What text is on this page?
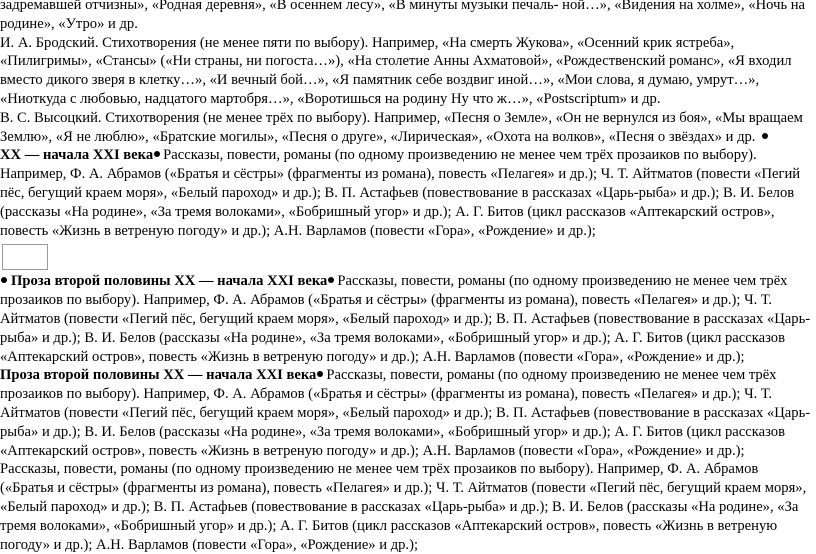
задремавшей отчизны», «Родная деревня», «В осеннем лесу», «В минуты музыки печаль- ной…», «Видения на холме», «Ночь на родине», «Утро» и др.

И. А. Бродский. Стихотворения (не менее пяти по выбору). Например, «На смерть Жукова», «Осенний крик ястреба», «Пилигримы», «Стансы» («Ни страны, ни погоста…»), «На столетие Анны Ахматовой», «Рождественский романс», «Я входил вместо дикого зверя в клетку…», «И вечный бой…», «Я памятник себе воздвиг иной…», «Мои слова, я думаю, умрут…», «Ниоткуда с любовью, надцатого мартобря…», «Воротишься на родину Ну что ж…», «Postscriptum» и др.

В. С. Высоцкий. Стихотворения (не менее трёх по выбору). Например, «Песня о Земле», «Он не вернулся из боя», «Мы вращаем Землю», «Я не люблю», «Братские могилы», «Песня о друге», «Лирическая», «Охота на волков», «Песня о звёздах» и др.

XX — начала XXI века Рассказы, повести, романы (по одному произведению не менее чем трёх прозаиков по выбору). Например, Ф. А. Абрамов («Братья и сёстры» (фрагменты из романа), повесть «Пелагея» и др.); Ч. Т. Айтматов (повести «Пегий пёс, бегущий краем моря», «Белый пароход» и др.); В. П. Астафьев (повествование в рассказах «Царь-рыба» и др.); В. И. Белов (рассказы «На родине», «За тремя волоками», «Бобришный угор» и др.); А. Г. Битов (цикл рассказов «Аптекарский остров», повесть «Жизнь в ветреную погоду» и др.); А.Н. Варламов (повести «Гора», «Рождение» и др.);

Проза второй половины XX — начала XXI века Рассказы, повести, романы (по одному произведению не менее чем трёх прозаиков по выбору). Например, Ф. А. Абрамов («Братья и сёстры» (фрагменты из романа), повесть «Пелагея» и др.); Ч. Т. Айтматов (повести «Пегий пёс, бегущий краем моря», «Белый пароход» и др.); В. П. Астафьев (повествование в рассказах «Царь-рыба» и др.); В. И. Белов (рассказы «На родине», «За тремя волоками», «Бобришный угор» и др.); А. Г. Битов (цикл рассказов «Аптекарский остров», повесть «Жизнь в ветреную погоду» и др.); А.Н. Варламов (повести «Гора», «Рождение» и др.);

Проза второй половины XX — начала XXI века Рассказы, повести, романы (по одному произведению не менее чем трёх прозаиков по выбору). Например, Ф. А. Абрамов («Братья и сёстры» (фрагменты из романа), повесть «Пелагея» и др.); Ч. Т. Айтматов (повести «Пегий пёс, бегущий краем моря», «Белый пароход» и др.); В. П. Астафьев (повествование в рассказах «Царь-рыба» и др.); В. И. Белов (рассказы «На родине», «За тремя волоками», «Бобришный угор» и др.); А. Г. Битов (цикл рассказов «Аптекарский остров», повесть «Жизнь в ветреную погоду» и др.); А.Н. Варламов (повести «Гора», «Рождение» и др.);

Рассказы, повести, романы (по одному произведению не менее чем трёх прозаиков по выбору). Например, Ф. А. Абрамов («Братья и сёстры» (фрагменты из романа), повесть «Пелагея» и др.); Ч. Т. Айтматов (повести «Пегий пёс, бегущий краем моря», «Белый пароход» и др.); В. П. Астафьев (повествование в рассказах «Царь-рыба» и др.); В. И. Белов (рассказы «На родине», «За тремя волоками», «Бобришный угор» и др.); А. Г. Битов (цикл рассказов «Аптекарский остров», повесть «Жизнь в ветреную погоду» и др.); А.Н. Варламов (повести «Гора», «Рождение» и др.);
